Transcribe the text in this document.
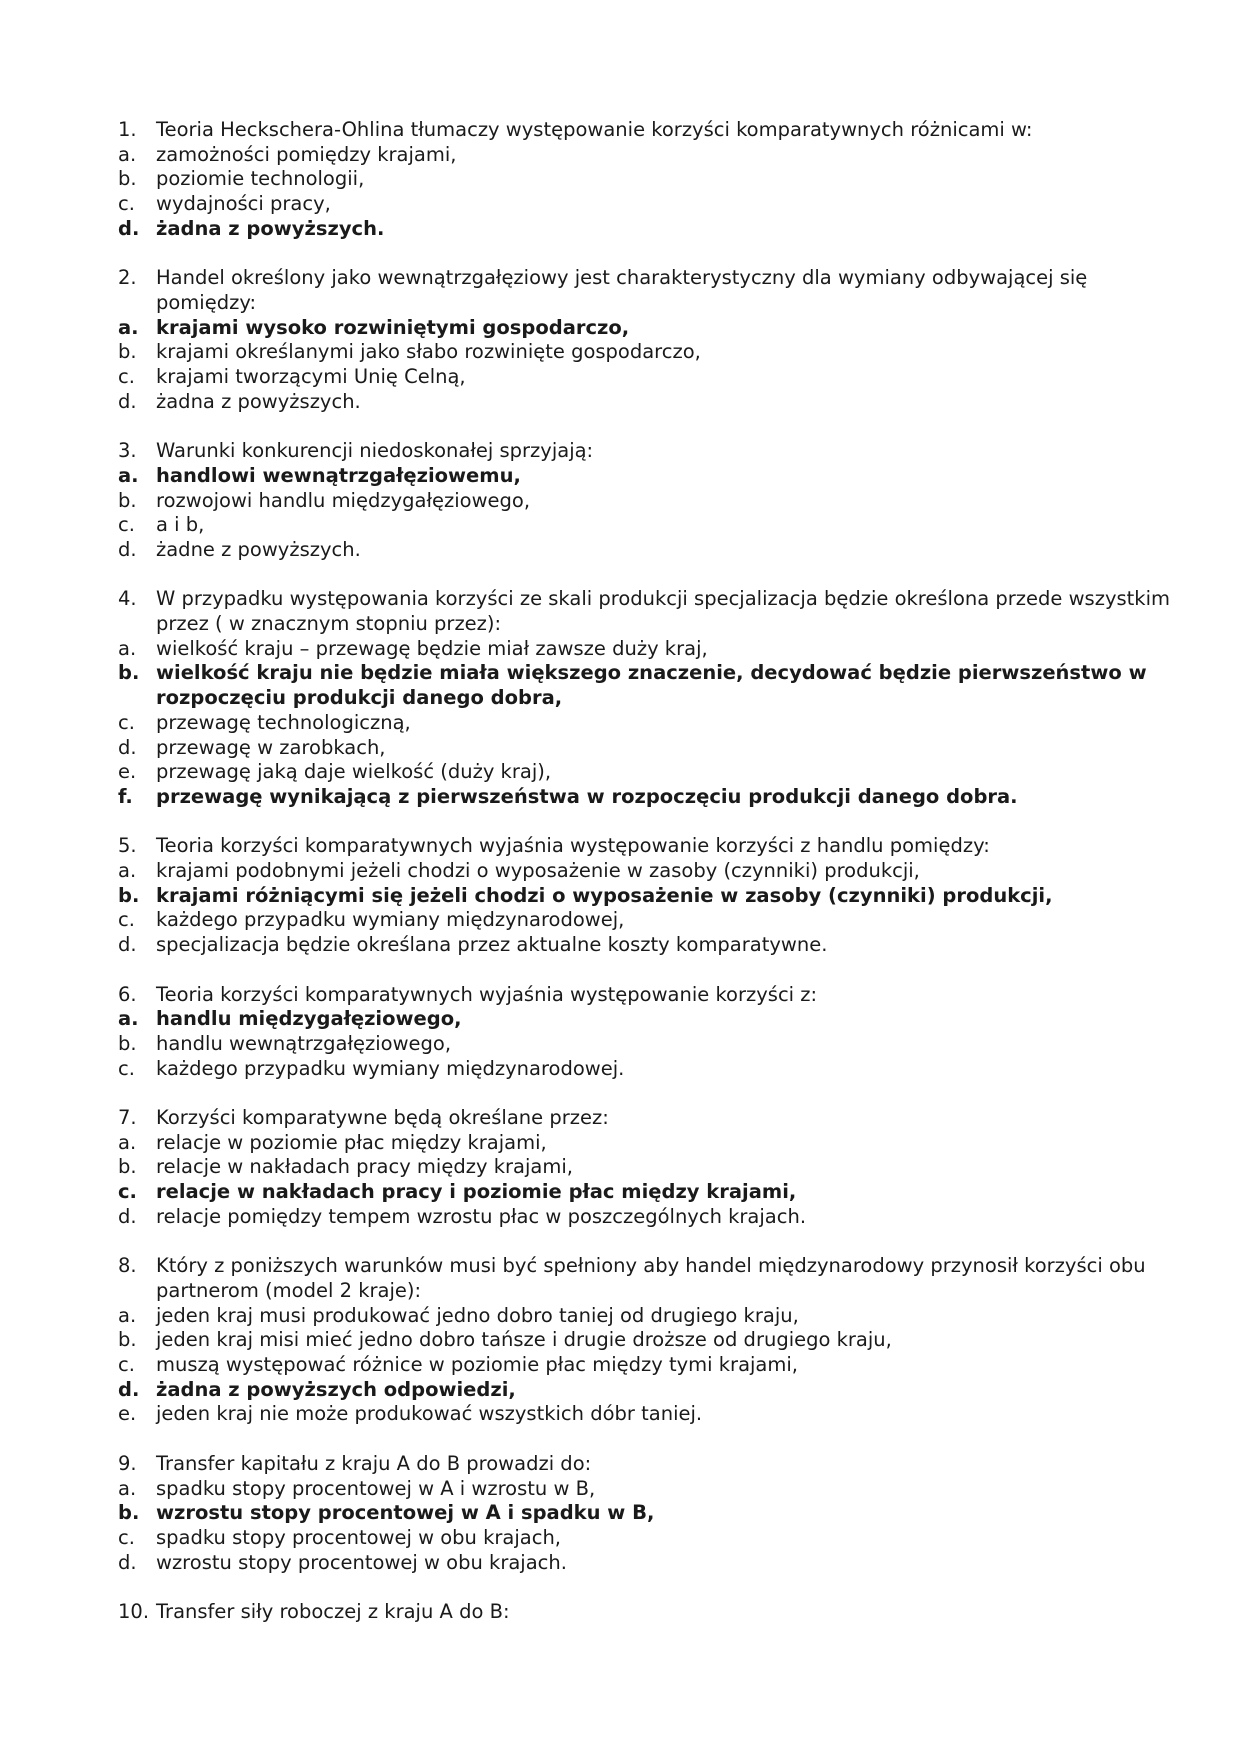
1. Teoria Heckschera-Ohlina tłumaczy występowanie korzyści komparatywnych różnicami w:
a.	zamożności pomiędzy krajami,
b. poziomie technologii,
c.	wydajności pracy,
d. żadna z powyższych.
2. Handel określony jako wewnątrzgałęziowy jest charakterystyczny dla wymiany odbywającej się pomiędzy:
a. krajami wysoko rozwiniętymi gospodarczo,
b. krajami określanymi jako słabo rozwinięte gospodarczo,
c.	krajami tworzącymi Unię Celną,
d. żadna z powyższych.
3. Warunki konkurencji niedoskonałej sprzyjają:
a. handlowi wewnątrzgałęziowemu,
b. rozwojowi handlu międzygałęziowego,
c.	a i b,
d. żadne z powyższych.
4. W przypadku występowania korzyści ze skali produkcji specjalizacja będzie określona przede wszystkim przez ( w znacznym stopniu przez):
a.	wielkość kraju – przewagę będzie miał zawsze duży kraj,
b. wielkość kraju nie będzie miała większego znaczenie, decydować będzie pierwszeństwo w rozpoczęciu produkcji danego dobra,
c.	przewagę technologiczną,
d. przewagę w zarobkach,
e.	przewagę jaką daje wielkość (duży kraj),
f.	przewagę wynikającą z pierwszeństwa w rozpoczęciu produkcji danego dobra.
5. Teoria korzyści komparatywnych wyjaśnia występowanie korzyści z handlu pomiędzy:
a.	krajami podobnymi jeżeli chodzi o wyposażenie w zasoby (czynniki) produkcji,
b. krajami różniącymi się jeżeli chodzi o wyposażenie w zasoby (czynniki) produkcji,
c.	każdego przypadku wymiany międzynarodowej,
d. specjalizacja będzie określana przez aktualne koszty komparatywne.
6. Teoria korzyści komparatywnych wyjaśnia występowanie korzyści z:
a. handlu międzygałęziowego,
b. handlu wewnątrzgałęziowego,
c.	każdego przypadku wymiany międzynarodowej.
7. Korzyści komparatywne będą określane przez:
a.	relacje w poziomie płac między krajami,
b. relacje w nakładach pracy między krajami,
c. relacje w nakładach pracy i poziomie płac między krajami,
d. relacje pomiędzy tempem wzrostu płac w poszczególnych krajach.
8. Który z poniższych warunków musi być spełniony aby handel międzynarodowy przynosił korzyści obu partnerom (model 2 kraje):
a.	jeden kraj musi produkować jedno dobro taniej od drugiego kraju,
b. jeden kraj misi mieć jedno dobro tańsze i drugie droższe od drugiego kraju,
c.	muszą występować różnice w poziomie płac między tymi krajami,
d. żadna z powyższych odpowiedzi,
e.	jeden kraj nie może produkować wszystkich dóbr taniej.
9. Transfer kapitału z kraju A do B prowadzi do:
a.	spadku stopy procentowej w A i wzrostu w B,
b. wzrostu stopy procentowej w A i spadku w B,
c.	spadku stopy procentowej w obu krajach,
d. wzrostu stopy procentowej w obu krajach.
10. Transfer siły roboczej z kraju A do B:
